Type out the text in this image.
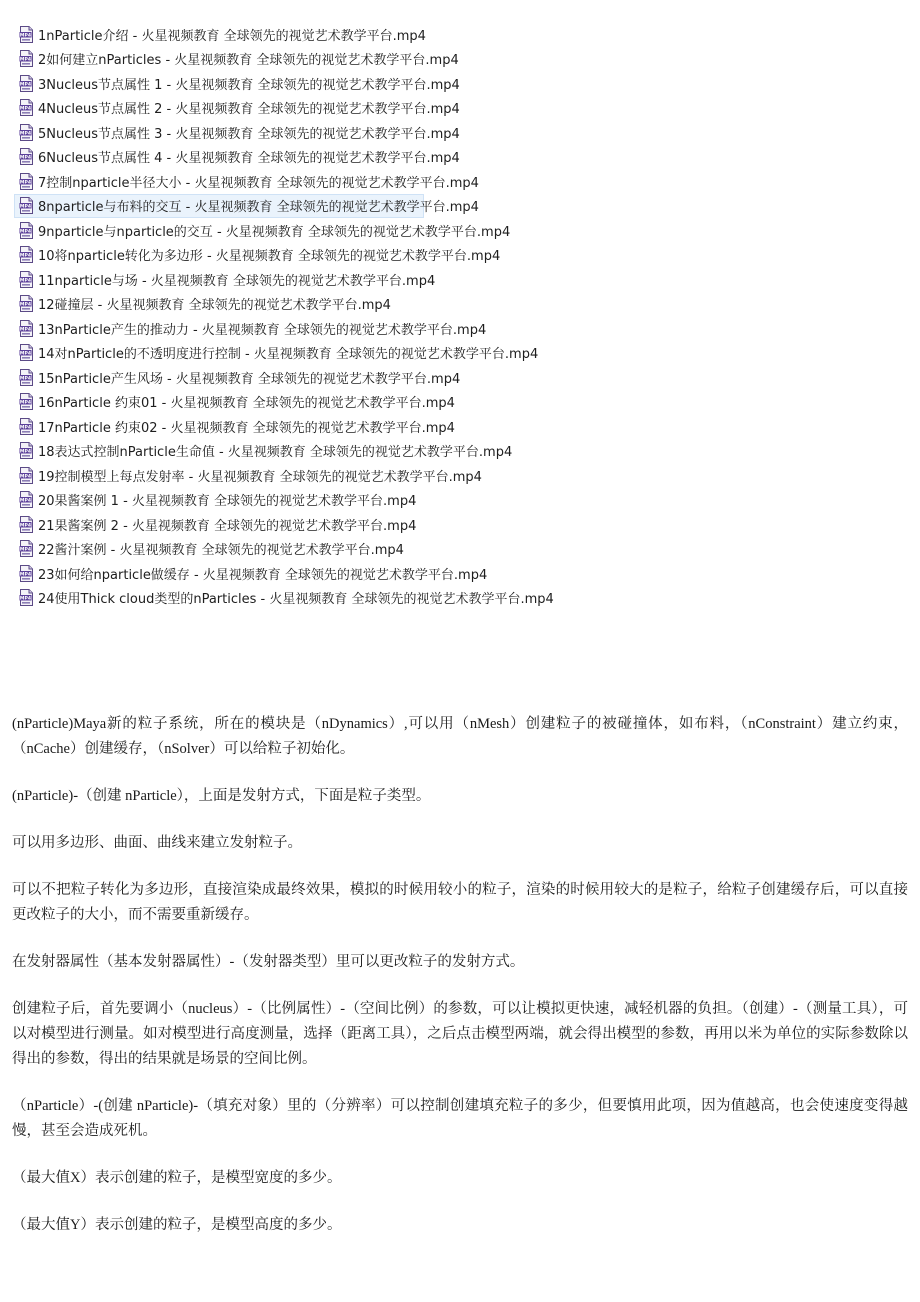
MP4 1nParticle介绍 - 火星视频教育 全球领先的视觉艺术教学平台.mp4
MP4 2如何建立nParticles - 火星视频教育 全球领先的视觉艺术教学平台.mp4
MP4 3Nucleus节点属性 1 - 火星视频教育 全球领先的视觉艺术教学平台.mp4
MP4 4Nucleus节点属性 2 - 火星视频教育 全球领先的视觉艺术教学平台.mp4
MP4 5Nucleus节点属性 3 - 火星视频教育 全球领先的视觉艺术教学平台.mp4
MP4 6Nucleus节点属性 4 - 火星视频教育 全球领先的视觉艺术教学平台.mp4
MP4 7控制nparticle半径大小 - 火星视频教育 全球领先的视觉艺术教学平台.mp4
MP4 8nparticle与布料的交互 - 火星视频教育 全球领先的视觉艺术教学平台.mp4
MP4 9nparticle与nparticle的交互 - 火星视频教育 全球领先的视觉艺术教学平台.mp4
MP4 10将nparticle转化为多边形 - 火星视频教育 全球领先的视觉艺术教学平台.mp4
MP4 11nparticle与场 - 火星视频教育 全球领先的视觉艺术教学平台.mp4
MP4 12碰撞层 - 火星视频教育 全球领先的视觉艺术教学平台.mp4
MP4 13nParticle产生的推动力 - 火星视频教育 全球领先的视觉艺术教学平台.mp4
MP4 14对nParticle的不透明度进行控制 - 火星视频教育 全球领先的视觉艺术教学平台.mp4
MP4 15nParticle产生风场 - 火星视频教育 全球领先的视觉艺术教学平台.mp4
MP4 16nParticle 约束01 - 火星视频教育 全球领先的视觉艺术教学平台.mp4
MP4 17nParticle 约束02 - 火星视频教育 全球领先的视觉艺术教学平台.mp4
MP4 18表达式控制nParticle生命值 - 火星视频教育 全球领先的视觉艺术教学平台.mp4
MP4 19控制模型上每点发射率 - 火星视频教育 全球领先的视觉艺术教学平台.mp4
MP4 20果酱案例 1 - 火星视频教育 全球领先的视觉艺术教学平台.mp4
MP4 21果酱案例 2 - 火星视频教育 全球领先的视觉艺术教学平台.mp4
MP4 22酱汁案例 - 火星视频教育 全球领先的视觉艺术教学平台.mp4
MP4 23如何给nparticle做缓存 - 火星视频教育 全球领先的视觉艺术教学平台.mp4
MP4 24使用Thick cloud类型的nParticles - 火星视频教育 全球领先的视觉艺术教学平台.mp4

(nParticle)Maya新的粒子系统，所在的模块是（nDynamics）,可以用（nMesh）创建粒子的被碰撞体，如布料，（nConstraint）建立约束，（nCache）创建缓存，（nSolver）可以给粒子初始化。

(nParticle)-（创建 nParticle），上面是发射方式，下面是粒子类型。

可以用多边形、曲面、曲线来建立发射粒子。

可以不把粒子转化为多边形，直接渲染成最终效果，模拟的时候用较小的粒子，渲染的时候用较大的是粒子，给粒子创建缓存后，可以直接更改粒子的大小，而不需要重新缓存。

在发射器属性（基本发射器属性）-（发射器类型）里可以更改粒子的发射方式。

创建粒子后，首先要调小（nucleus）-（比例属性）-（空间比例）的参数，可以让模拟更快速，减轻机器的负担。（创建）-（测量工具），可以对模型进行测量。如对模型进行高度测量，选择（距离工具），之后点击模型两端，就会得出模型的参数，再用以米为单位的实际参数除以得出的参数，得出的结果就是场景的空间比例。

（nParticle）-(创建 nParticle)-（填充对象）里的（分辨率）可以控制创建填充粒子的多少，但要慎用此项，因为值越高，也会使速度变得越慢，甚至会造成死机。

（最大值X）表示创建的粒子，是模型宽度的多少。

（最大值Y）表示创建的粒子，是模型高度的多少。
